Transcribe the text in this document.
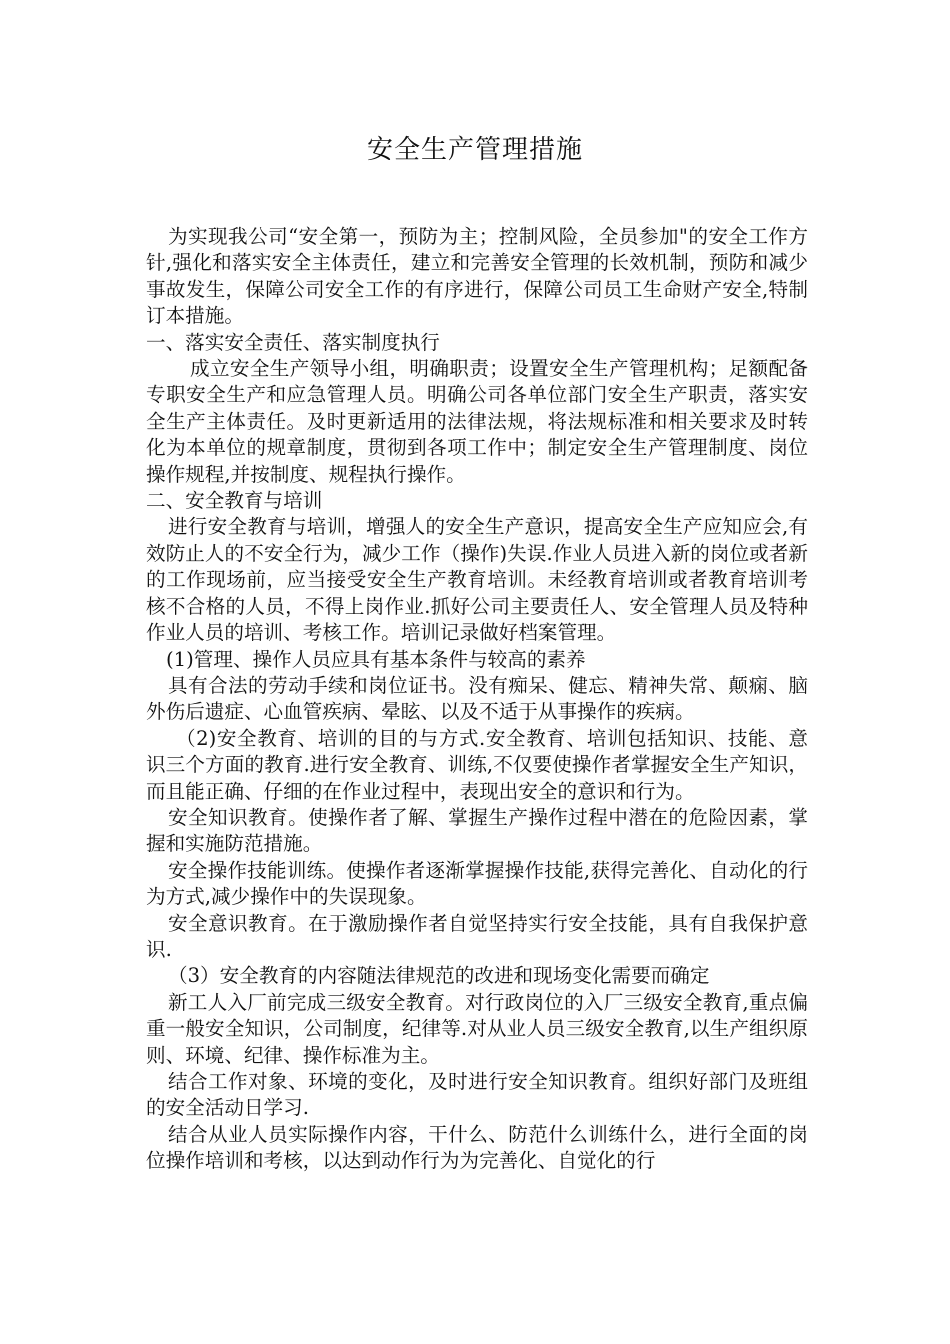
安全生产管理措施

为实现我公司“安全第一，预防为主；控制风险，全员参加"的安全工作方针,强化和落实安全主体责任，建立和完善安全管理的长效机制，预防和减少事故发生，保障公司安全工作的有序进行，保障公司员工生命财产安全,特制订本措施。

一、落实安全责任、落实制度执行

成立安全生产领导小组，明确职责；设置安全生产管理机构；足额配备专职安全生产和应急管理人员。明确公司各单位部门安全生产职责，落实安全生产主体责任。及时更新适用的法律法规，将法规标准和相关要求及时转化为本单位的规章制度，贯彻到各项工作中；制定安全生产管理制度、岗位操作规程,并按制度、规程执行操作。

二、安全教育与培训

进行安全教育与培训，增强人的安全生产意识，提高安全生产应知应会,有效防止人的不安全行为，减少工作（操作)失误.作业人员进入新的岗位或者新的工作现场前，应当接受安全生产教育培训。未经教育培训或者教育培训考核不合格的人员，不得上岗作业.抓好公司主要责任人、安全管理人员及特种作业人员的培训、考核工作。培训记录做好档案管理。

(1)管理、操作人员应具有基本条件与较高的素养

具有合法的劳动手续和岗位证书。没有痴呆、健忘、精神失常、颠痫、脑外伤后遗症、心血管疾病、晕眩、以及不适于从事操作的疾病。

（2)安全教育、培训的目的与方式.安全教育、培训包括知识、技能、意识三个方面的教育.进行安全教育、训练,不仅要使操作者掌握安全生产知识，而且能正确、仔细的在作业过程中，表现出安全的意识和行为。

安全知识教育。使操作者了解、掌握生产操作过程中潜在的危险因素，掌握和实施防范措施。

安全操作技能训练。使操作者逐渐掌握操作技能,获得完善化、自动化的行为方式,减少操作中的失误现象。

安全意识教育。在于激励操作者自觉坚持实行安全技能，具有自我保护意识.

（3）安全教育的内容随法律规范的改进和现场变化需要而确定

新工人入厂前完成三级安全教育。对行政岗位的入厂三级安全教育,重点偏重一般安全知识，公司制度，纪律等.对从业人员三级安全教育,以生产组织原则、环境、纪律、操作标准为主。

结合工作对象、环境的变化，及时进行安全知识教育。组织好部门及班组的安全活动日学习.

结合从业人员实际操作内容，干什么、防范什么训练什么，进行全面的岗位操作培训和考核，以达到动作行为为完善化、自觉化的行
